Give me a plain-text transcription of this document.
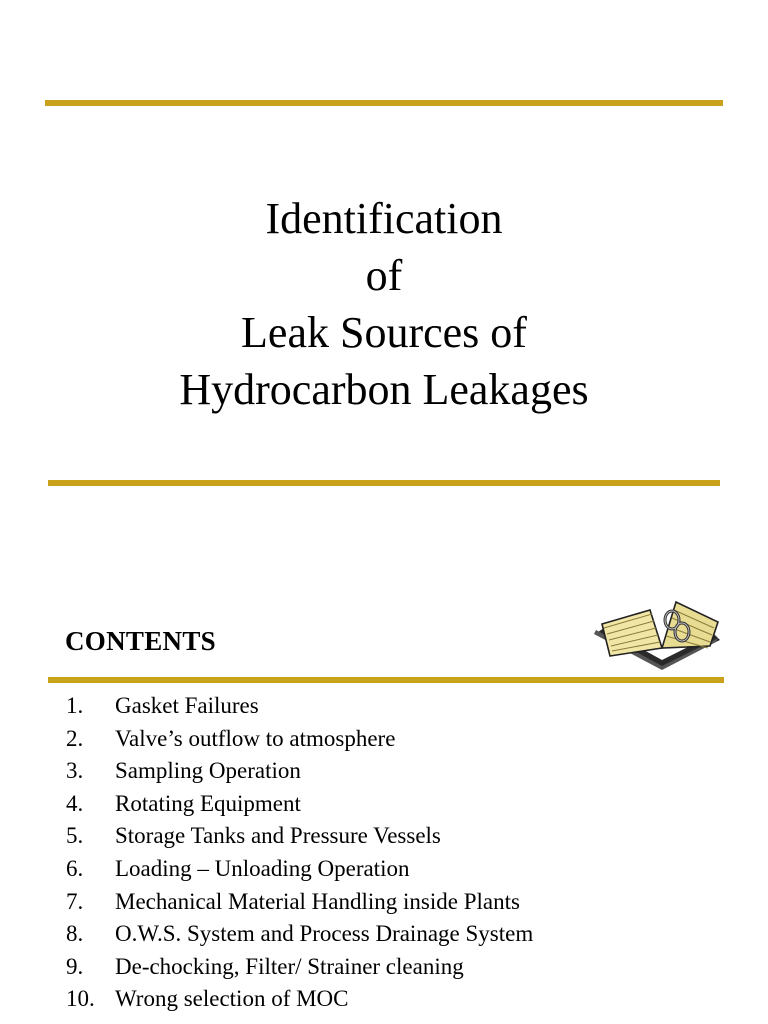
Identification
of
Leak Sources of
Hydrocarbon Leakages
CONTENTS
1. Gasket Failures
2. Valve’s outflow to atmosphere
3. Sampling Operation
4. Rotating Equipment
5. Storage Tanks and Pressure Vessels
6. Loading – Unloading Operation
7. Mechanical Material Handling inside Plants
8. O.W.S. System and Process Drainage System
9. De-chocking, Filter/ Strainer cleaning
10. Wrong selection of MOC
